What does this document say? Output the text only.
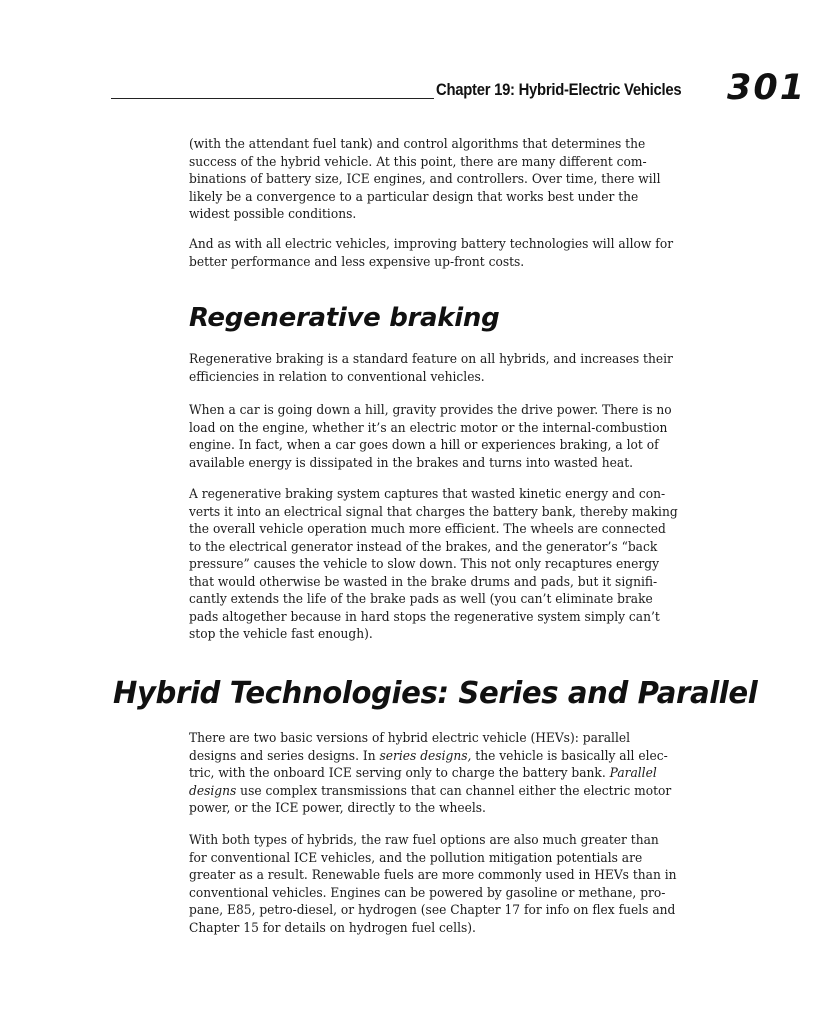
Chapter 19: Hybrid-Electric Vehicles 301

(with the attendant fuel tank) and control algorithms that determines the
success of the hybrid vehicle. At this point, there are many different com-
binations of battery size, ICE engines, and controllers. Over time, there will
likely be a convergence to a particular design that works best under the
widest possible conditions.

And as with all electric vehicles, improving battery technologies will allow for
better performance and less expensive up-front costs.

Regenerative braking

Regenerative braking is a standard feature on all hybrids, and increases their
efficiencies in relation to conventional vehicles.

When a car is going down a hill, gravity provides the drive power. There is no
load on the engine, whether it’s an electric motor or the internal-combustion
engine. In fact, when a car goes down a hill or experiences braking, a lot of
available energy is dissipated in the brakes and turns into wasted heat.

A regenerative braking system captures that wasted kinetic energy and con-
verts it into an electrical signal that charges the battery bank, thereby making
the overall vehicle operation much more efficient. The wheels are connected
to the electrical generator instead of the brakes, and the generator’s “back
pressure” causes the vehicle to slow down. This not only recaptures energy
that would otherwise be wasted in the brake drums and pads, but it signifi-
cantly extends the life of the brake pads as well (you can’t eliminate brake
pads altogether because in hard stops the regenerative system simply can’t
stop the vehicle fast enough).

Hybrid Technologies: Series and Parallel

There are two basic versions of hybrid electric vehicle (HEVs): parallel
designs and series designs. In series designs, the vehicle is basically all elec-
tric, with the onboard ICE serving only to charge the battery bank. Parallel
designs use complex transmissions that can channel either the electric motor
power, or the ICE power, directly to the wheels.

With both types of hybrids, the raw fuel options are also much greater than
for conventional ICE vehicles, and the pollution mitigation potentials are
greater as a result. Renewable fuels are more commonly used in HEVs than in
conventional vehicles. Engines can be powered by gasoline or methane, pro-
pane, E85, petro-diesel, or hydrogen (see Chapter 17 for info on flex fuels and
Chapter 15 for details on hydrogen fuel cells).
